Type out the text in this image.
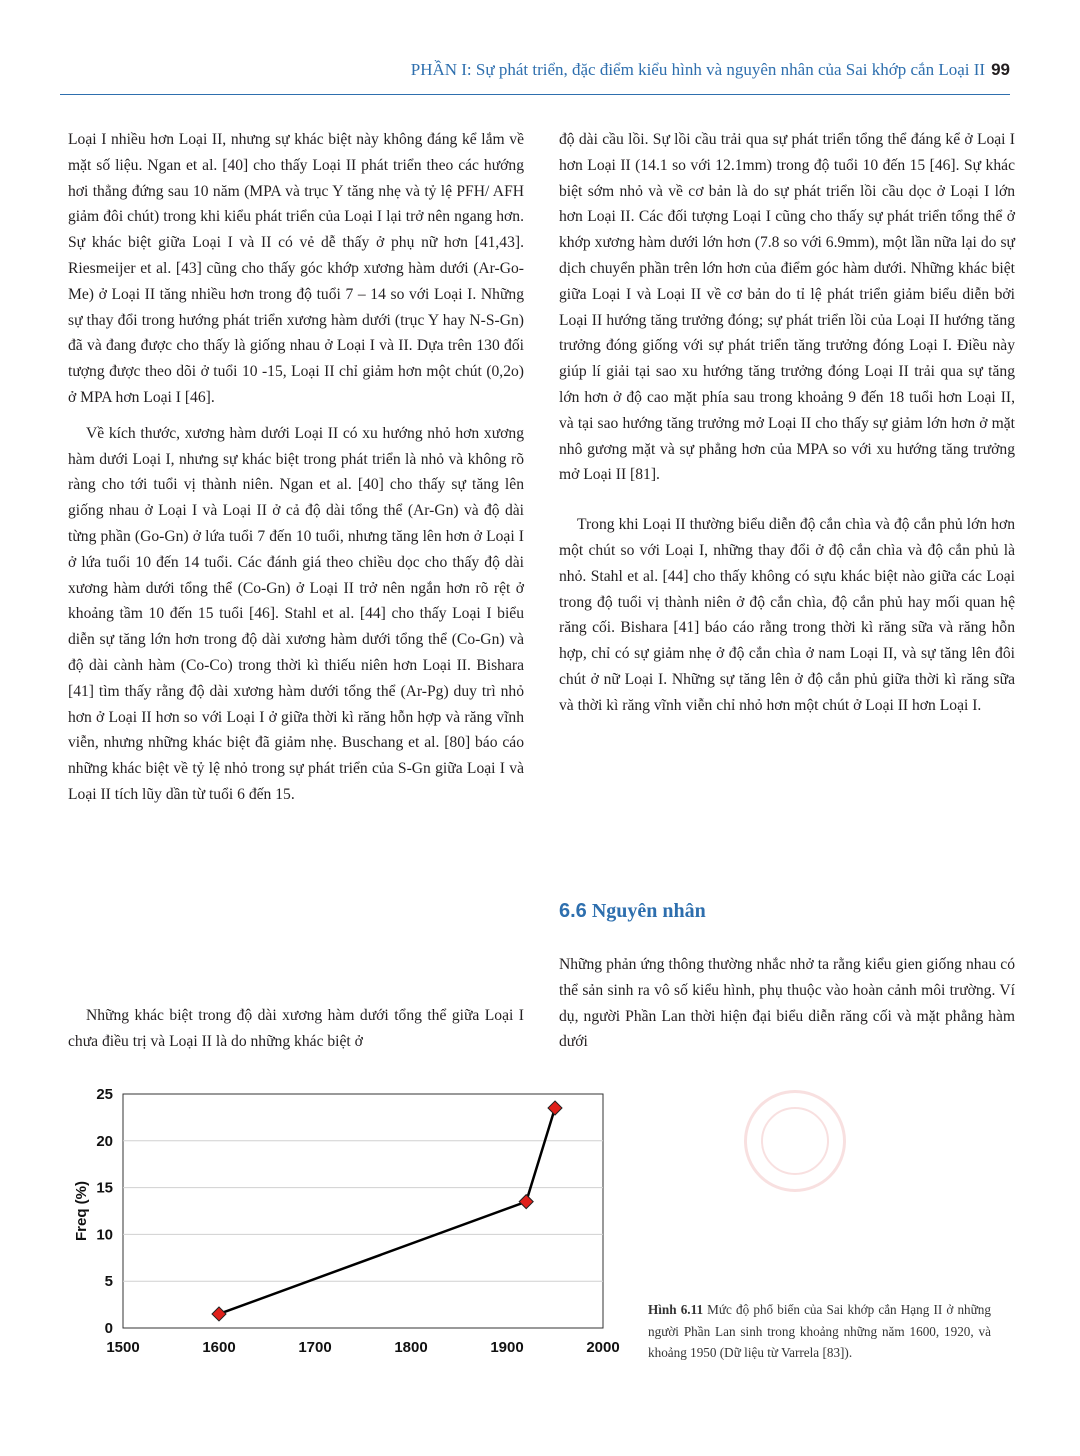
PHẦN I: Sự phát triển, đặc điểm kiểu hình và nguyên nhân của Sai khớp cắn Loại II 99

Loại I nhiều hơn Loại II, nhưng sự khác biệt này không đáng kể lắm về mặt số liệu. Ngan et al. [40] cho thấy Loại II phát triển theo các hướng hơi thẳng đứng sau 10 năm (MPA và trục Y tăng nhẹ và tỷ lệ PFH/ AFH giảm đôi chút) trong khi kiểu phát triển của Loại I lại trở nên ngang hơn. Sự khác biệt giữa Loại I và II có vẻ dễ thấy ở phụ nữ hơn [41,43]. Riesmeijer et al. [43] cũng cho thấy góc khớp xương hàm dưới (Ar-Go-Me) ở Loại II tăng nhiều hơn trong độ tuổi 7 – 14 so với Loại I. Những sự thay đổi trong hướng phát triển xương hàm dưới (trục Y hay N-S-Gn) đã và đang được cho thấy là giống nhau ở Loại I và II. Dựa trên 130 đối tượng được theo dõi ở tuổi 10 -15, Loại II chỉ giảm hơn một chút (0,2o) ở MPA hơn Loại I [46].

Về kích thước, xương hàm dưới Loại II có xu hướng nhỏ hơn xương hàm dưới Loại I, nhưng sự khác biệt trong phát triển là nhỏ và không rõ ràng cho tới tuổi vị thành niên. Ngan et al. [40] cho thấy sự tăng lên giống nhau ở Loại I và Loại II ở cả độ dài tổng thể (Ar-Gn) và độ dài từng phần (Go-Gn) ở lứa tuổi 7 đến 10 tuổi, nhưng tăng lên hơn ở Loại I ở lứa tuổi 10 đến 14 tuổi. Các đánh giá theo chiều dọc cho thấy độ dài xương hàm dưới tổng thể (Co-Gn) ở Loại II trở nên ngắn hơn rõ rệt ở khoảng tầm 10 đến 15 tuổi [46]. Stahl et al. [44] cho thấy Loại I biểu diễn sự tăng lớn hơn trong độ dài xương hàm dưới tổng thể (Co-Gn) và độ dài cành hàm (Co-Co) trong thời kì thiếu niên hơn Loại II. Bishara [41] tìm thấy rằng độ dài xương hàm dưới tổng thể (Ar-Pg) duy trì nhỏ hơn ở Loại II hơn so với Loại I ở giữa thời kì răng hỗn hợp và răng vĩnh viễn, nhưng những khác biệt đã giảm nhẹ. Buschang et al. [80] báo cáo những khác biệt về tỷ lệ nhỏ trong sự phát triển của S-Gn giữa Loại I và Loại II tích lũy dần từ tuổi 6 đến 15.

Những khác biệt trong độ dài xương hàm dưới tổng thể giữa Loại I chưa điều trị và Loại II là do những khác biệt ở

độ dài cầu lồi. Sự lồi cầu trải qua sự phát triển tổng thể đáng kể ở Loại I hơn Loại II (14.1 so với 12.1mm) trong độ tuổi 10 đến 15 [46]. Sự khác biệt sớm nhỏ và về cơ bản là do sự phát triển lồi cầu dọc ở Loại I lớn hơn Loại II. Các đối tượng Loại I cũng cho thấy sự phát triển tổng thể ở khớp xương hàm dưới lớn hơn (7.8 so với 6.9mm), một lần nữa lại do sự dịch chuyển phần trên lớn hơn của điểm góc hàm dưới. Những khác biệt giữa Loại I và Loại II về cơ bản do tỉ lệ phát triển giảm biểu diễn bởi Loại II hướng tăng trưởng đóng; sự phát triển lồi của Loại II hướng tăng trưởng đóng giống với sự phát triển tăng trưởng đóng Loại I. Điều này giúp lí giải tại sao xu hướng tăng trưởng đóng Loại II trải qua sự tăng lớn hơn ở độ cao mặt phía sau trong khoảng 9 đến 18 tuổi hơn Loại II, và tại sao hướng tăng trưởng mở Loại II cho thấy sự giảm lớn hơn ở mặt nhô gương mặt và sự phẳng hơn của MPA so với xu hướng tăng trưởng mở Loại II [81].

Trong khi Loại II thường biểu diễn độ cắn chìa và độ cắn phủ lớn hơn một chút so với Loại I, những thay đổi ở độ cắn chìa và độ cắn phủ là nhỏ. Stahl et al. [44] cho thấy không có sựu khác biệt nào giữa các Loại trong độ tuổi vị thành niên ở độ cắn chìa, độ cắn phủ hay mối quan hệ răng cối. Bishara [41] báo cáo rằng trong thời kì răng sữa và răng hỗn hợp, chỉ có sự giảm nhẹ ở độ cắn chìa ở nam Loại II, và sự tăng lên đôi chút ở nữ Loại I. Những sự tăng lên ở độ cắn phủ giữa thời kì răng sữa và thời kì răng vĩnh viễn chỉ nhỏ hơn một chút ở Loại II hơn Loại I.

6.6 Nguyên nhân

Những phản ứng thông thường nhắc nhở ta rằng kiểu gien giống nhau có thể sản sinh ra vô số kiểu hình, phụ thuộc vào hoàn cảnh môi trường. Ví dụ, người Phần Lan thời hiện đại biểu diễn răng cối và mặt phẳng hàm dưới

0
5
10
15
20
25
1500	1600	1700	1800	1900	2000
Freq (%)
Hình 6.11 Mức độ phổ biến của Sai khớp cắn Hạng II ở những người Phần Lan sinh trong khoảng những năm 1600, 1920, và khoảng 1950 (Dữ liệu từ Varrela [83]).
